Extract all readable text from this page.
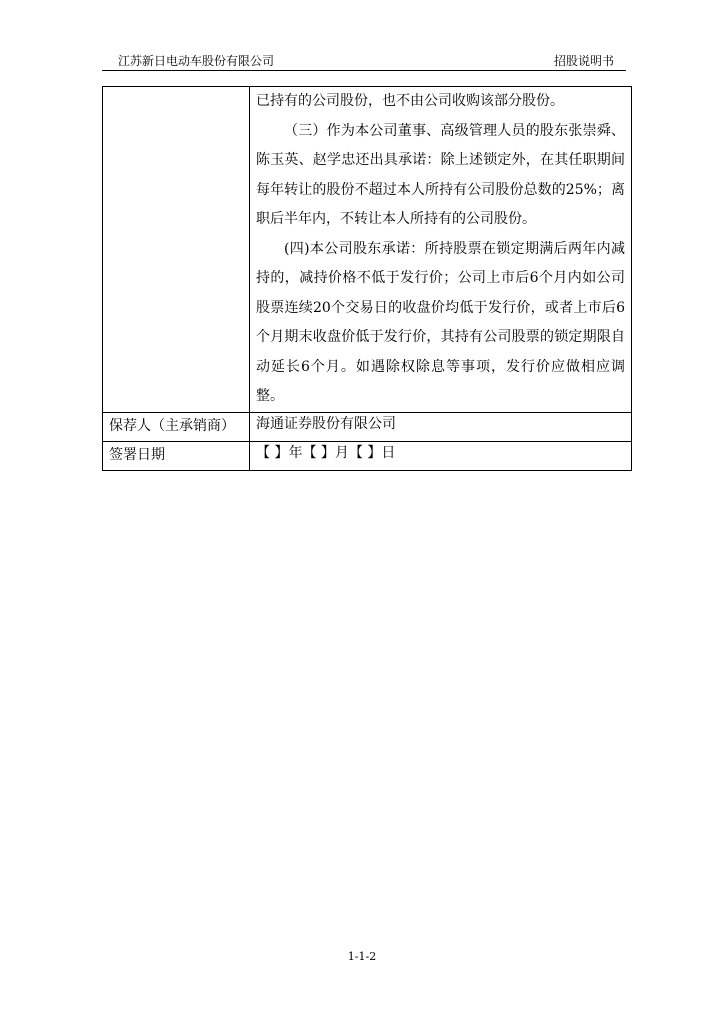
江苏新日电动车股份有限公司	招股说明书

	已持有的公司股份，也不由公司收购该部分股份。

（三）作为本公司董事、高级管理人员的股东张崇舜、陈玉英、赵学忠还出具承诺：除上述锁定外，在其任职期间每年转让的股份不超过本人所持有公司股份总数的25%；离职后半年内，不转让本人所持有的公司股份。

(四)本公司股东承诺：所持股票在锁定期满后两年内减持的，减持价格不低于发行价；公司上市后6个月内如公司股票连续20个交易日的收盘价均低于发行价，或者上市后6个月期末收盘价低于发行价，其持有公司股票的锁定期限自动延长6个月。如遇除权除息等事项，发行价应做相应调整。

保荐人（主承销商）	海通证券股份有限公司
签署日期	【 】年【 】月【 】日
1-1-2
